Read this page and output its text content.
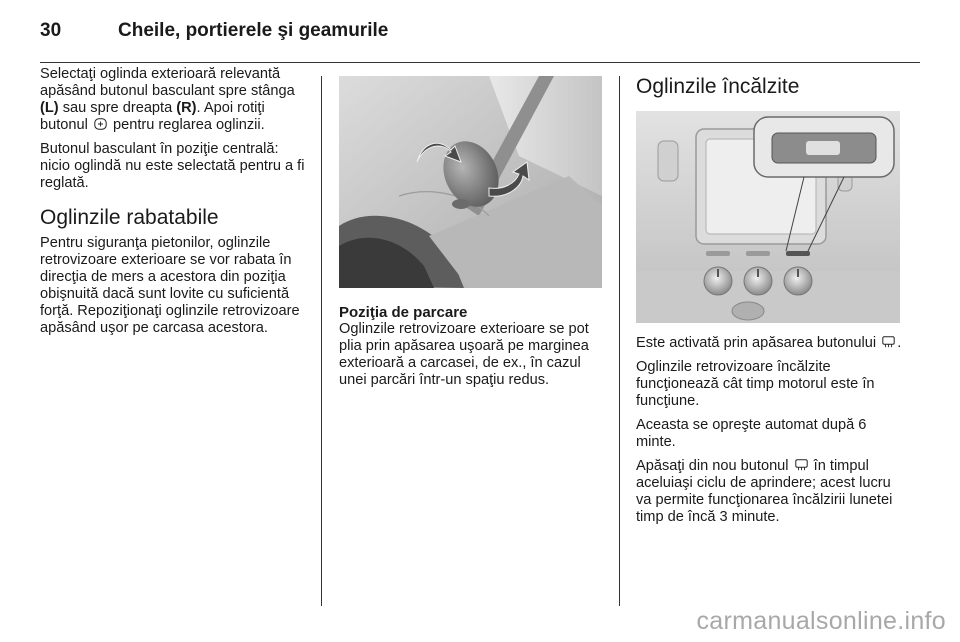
30	Cheile, portierele şi geamurile

Selectaţi oglinda exterioară relevantă apăsând butonul basculant spre stânga (L) sau spre dreapta (R). Apoi rotiţi butonul  pentru reglarea oglinzii.

Butonul basculant în poziţie centrală: nicio oglindă nu este selectată pentru a fi reglată.

Oglinzile rabatabile

Pentru siguranţa pietonilor, oglinzile retrovizoare exterioare se vor rabata în direcţia de mers a acestora din poziţia obişnuită dacă sunt lovite cu suficientă forţă. Repoziţionaţi oglinzile retrovizoare apăsând uşor pe carcasa acestora.

Poziţia de parcare

Oglinzile retrovizoare exterioare se pot plia prin apăsarea uşoară pe marginea exterioară a carcasei, de ex., în cazul unei parcări într-un spaţiu redus.

Oglinzile încălzite

Este activată prin apăsarea butonului .

Oglinzile retrovizoare încălzite funcţionează cât timp motorul este în funcţiune.

Aceasta se opreşte automat după 6 minte.

Apăsaţi din nou butonul  în timpul aceluiaşi ciclu de aprindere; acest lucru va permite funcţionarea încălzirii lunetei timp de încă 3 minute.

carmanualsonline.info
